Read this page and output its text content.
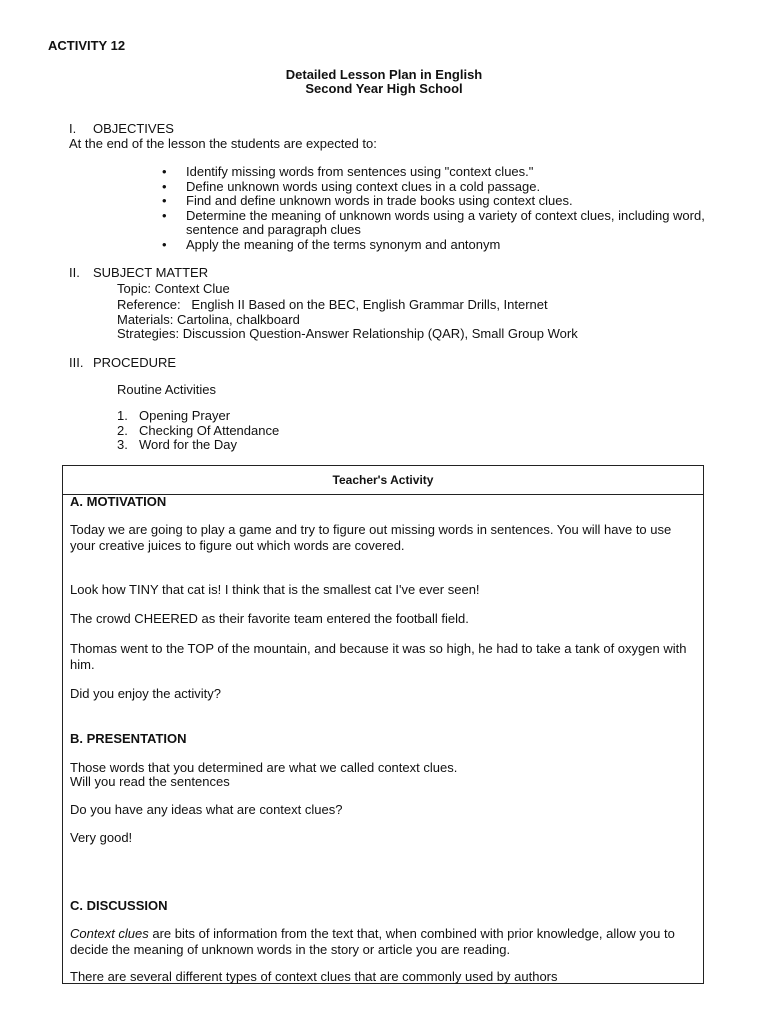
ACTIVITY 12
Detailed Lesson Plan in English
Second Year High School
I. OBJECTIVES
At the end of the lesson the students are expected to:
• Identify missing words from sentences using "context clues."
• Define unknown words using context clues in a cold passage.
• Find and define unknown words in trade books using context clues.
• Determine the meaning of unknown words using a variety of context clues, including word, sentence and paragraph clues
• Apply the meaning of the terms synonym and antonym
II. SUBJECT MATTER
Topic: Context Clue
Reference:   English II Based on the BEC, English Grammar Drills, Internet
Materials: Cartolina, chalkboard
Strategies: Discussion Question-Answer Relationship (QAR), Small Group Work
III. PROCEDURE
Routine Activities
1. Opening Prayer
2. Checking Of Attendance
3. Word for the Day
Teacher's Activity
A. MOTIVATION
Today we are going to play a game and try to figure out missing words in sentences. You will have to use your creative juices to figure out which words are covered.
Look how TINY that cat is! I think that is the smallest cat I've ever seen!
The crowd CHEERED as their favorite team entered the football field.
Thomas went to the TOP of the mountain, and because it was so high, he had to take a tank of oxygen with him.
Did you enjoy the activity?
B. PRESENTATION
Those words that you determined are what we called context clues.
Will you read the sentences
Do you have any ideas what are context clues?
Very good!
C. DISCUSSION
Context clues are bits of information from the text that, when combined with prior knowledge, allow you to decide the meaning of unknown words in the story or article you are reading.
There are several different types of context clues that are commonly used by authors
